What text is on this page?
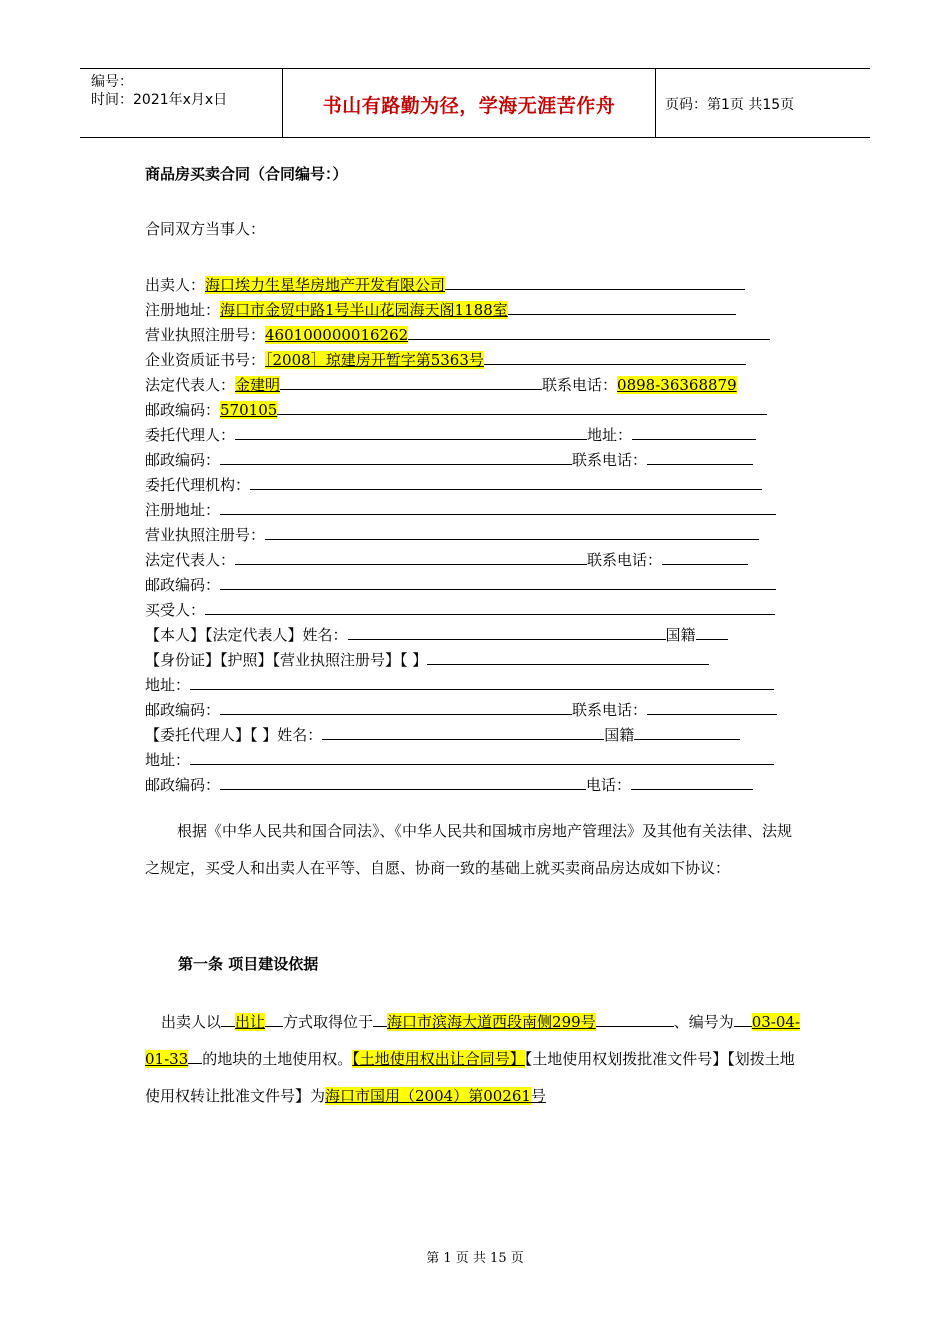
编号：
时间：2021年x月x日	书山有路勤为径，学海无涯苦作舟	页码：第1页 共15页
商品房买卖合同（合同编号：）
合同双方当事人：
出卖人：海口埃力生星华房地产开发有限公司
注册地址：海口市金贸中路1号半山花园海天阁1188室
营业执照注册号：460100000016262
企业资质证书号：［2008］琼建房开暂字第5363号
法定代表人：金建明	联系电话：0898-36368879
邮政编码：570105
委托代理人：	地址：
邮政编码：	联系电话：
委托代理机构：
注册地址：
营业执照注册号：
法定代表人：	联系电话：
邮政编码：
买受人：
【本人】【法定代表人】姓名：	国籍
【身份证】【护照】【营业执照注册号】【 】
地址：
邮政编码：	联系电话：
【委托代理人】【 】姓名：	国籍
地址：
邮政编码：	电话：
根据《中华人民共和国合同法》、《中华人民共和国城市房地产管理法》及其他有关法律、法规之规定，买受人和出卖人在平等、自愿、协商一致的基础上就买卖商品房达成如下协议：
第一条 项目建设依据
出卖人以 出让 方式取得位于 海口市滨海大道西段南侧299号	、编号为 03-04-01-33 的地块的土地使用权。【土地使用权出让合同号】【土地使用权划拨批准文件号】【划拨土地使用权转让批准文件号】为海口市国用（2004）第00261号
第 1 页 共 15 页
